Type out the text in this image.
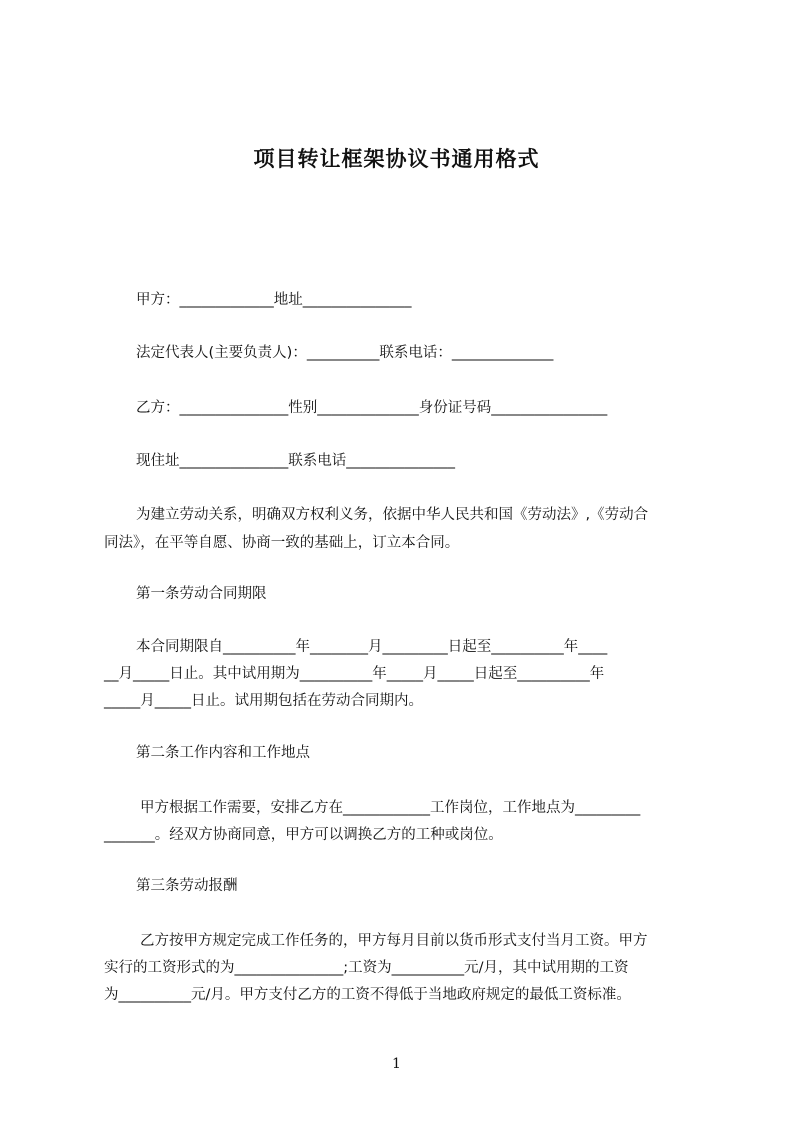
项目转让框架协议书通用格式
甲方：_____________地址_______________
法定代表人(主要负责人)：__________联系电话：______________
乙方：_______________性别______________身份证号码________________
现住址_______________联系电话_______________
为建立劳动关系，明确双方权利义务，依据中华人民共和国《劳动法》,《劳动合
同法》，在平等自愿、协商一致的基础上，订立本合同。
第一条劳动合同期限
本合同期限自__________年________月_________日起至__________年____
__月_____日止。其中试用期为__________年_____月_____日起至__________年
_____月_____日止。试用期包括在劳动合同期内。
第二条工作内容和工作地点
甲方根据工作需要，安排乙方在____________工作岗位，工作地点为_________
_______。经双方协商同意，甲方可以调换乙方的工种或岗位。
第三条劳动报酬
乙方按甲方规定完成工作任务的，甲方每月目前以货币形式支付当月工资。甲方
实行的工资形式的为_______________;工资为__________元/月，其中试用期的工资
为__________元/月。甲方支付乙方的工资不得低于当地政府规定的最低工资标准。
1
